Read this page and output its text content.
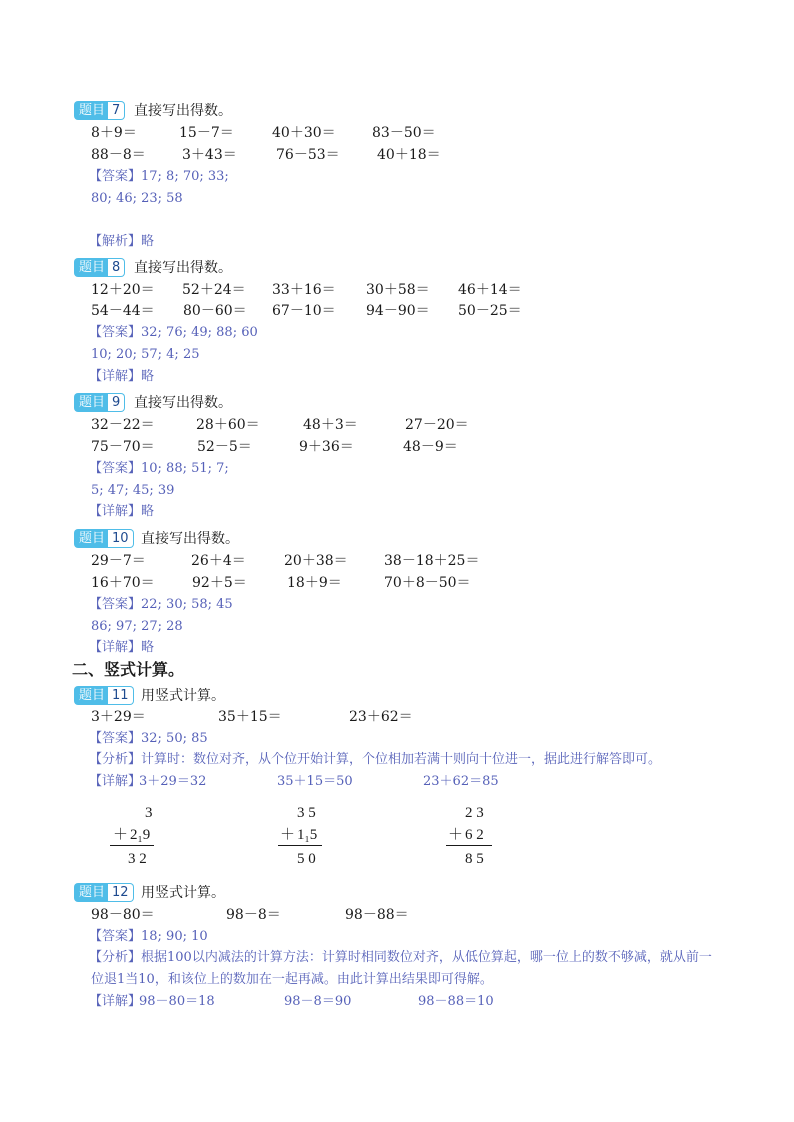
题目 7 直接写出得数。
8＋9＝	15－7＝	40＋30＝	83－50＝
88－8＝	3＋43＝	76－53＝	40＋18＝
【答案】17; 8; 70; 33;
80; 46; 23; 58
【解析】略
题目 8 直接写出得数。
12＋20＝ 52＋24＝ 33＋16＝ 30＋58＝ 46＋14＝
54－44＝ 80－60＝ 67－10＝ 94－90＝ 50－25＝
【答案】32; 76; 49; 88; 60
10; 20; 57; 4; 25
【详解】略
题目 9 直接写出得数。
32－22＝	28＋60＝	48＋3＝	27－20＝
75－70＝	52－5＝	9＋36＝	48－9＝
【答案】10; 88; 51; 7;
5; 47; 45; 39
【详解】略
题目 10 直接写出得数。
29－7＝	26＋4＝	20＋38＝	38－18＋25＝
16＋70＝	92＋5＝	18＋9＝	70＋8－50＝
【答案】22; 30; 58; 45
86; 97; 27; 28
【详解】略
二、竖式计算。
题目 11 用竖式计算。
3＋29＝	35＋15＝	23＋62＝
【答案】32; 50; 85
【分析】计算时：数位对齐，从个位开始计算，个位相加若满十则向十位进一，据此进行解答即可。
【详解】
3＋29＝32	35＋15＝50	23＋62＝85
3
＋ 2₁9
3 2
3 5
＋ 1₁5
5 0
2 3
＋ 6 2
8 5
题目 12 用竖式计算。
98－80＝	98－8＝	98－88＝
【答案】18; 90; 10
【分析】根据100以内减法的计算方法：计算时相同数位对齐，从低位算起，哪一位上的数不够减，就从前一
位退1当10，和该位上的数加在一起再减。由此计算出结果即可得解。
【详解】
98－80＝18	98－8＝90	98－88＝10
